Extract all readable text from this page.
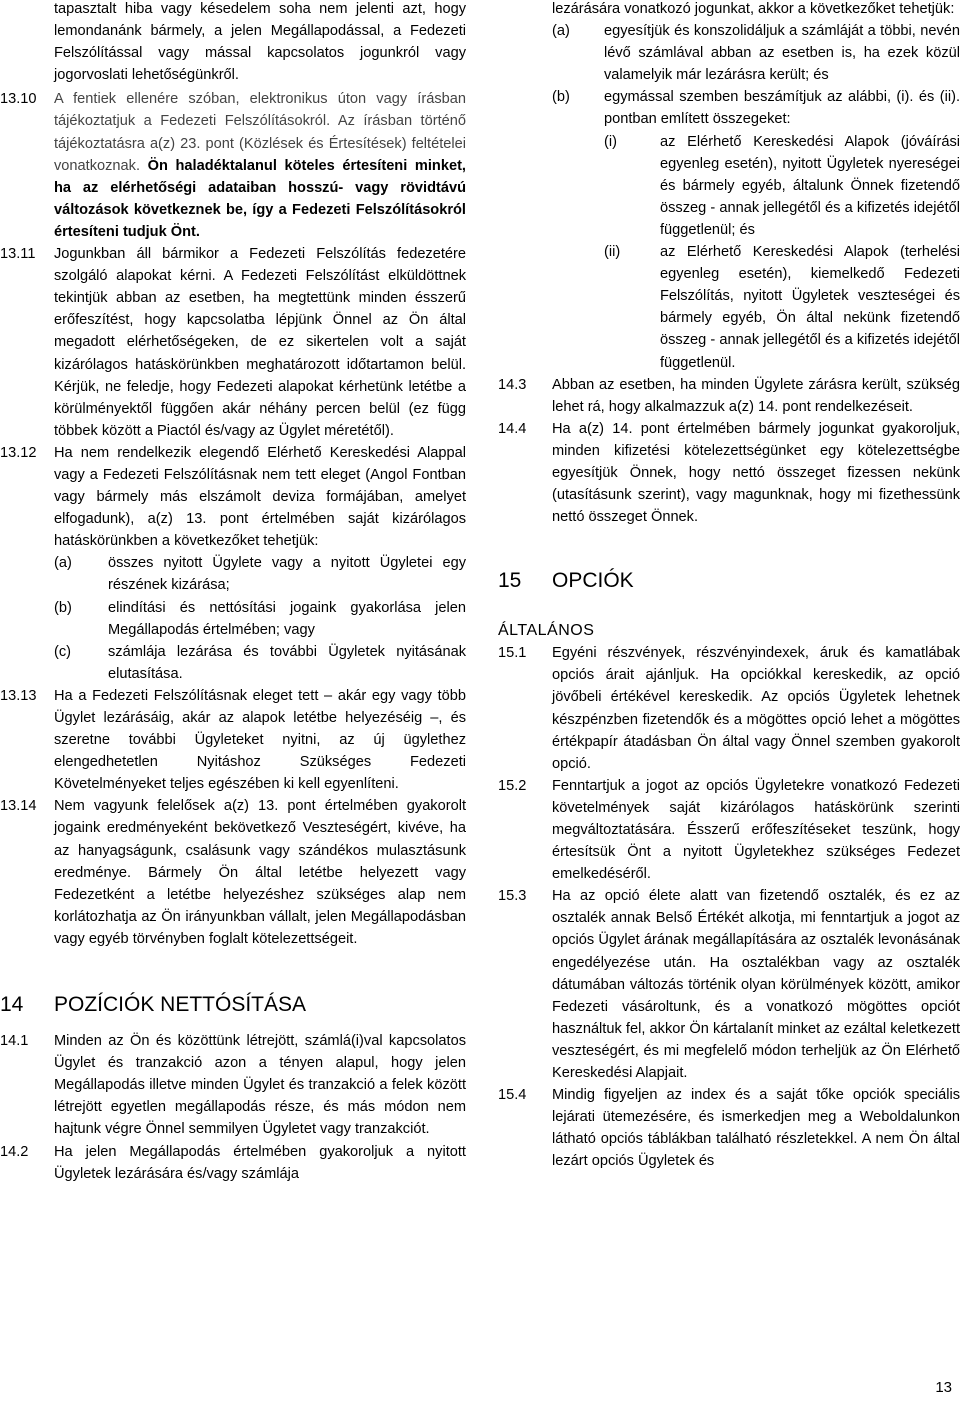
tapasztalt hiba vagy késedelem sohа nem jelenti azt, hogy lemondanánk bármely, a jelen Megállapodással, a Fedezeti Felszólítással vagy mással kapcsolatos jogunkról vagy jogorvoslati lehetőségünkről.
13.10 A fentiek ellenére szóban, elektronikus úton vagy írásban tájékoztatjuk a Fedezeti Felszólításokról. Az írásban történő tájékoztatásra a(z) 23. pont (Közlések és Értesítések) feltételei vonatkoznak. Ön haladéktalanul köteles értesíteni minket, ha az elérhetőségi adataiban hosszú- vagy rövidtávú változások következnek be, így a Fedezeti Felszólításokról értesíteni tudjuk Önt.
13.11 Jogunkban áll bármikor a Fedezeti Felszólítás fedezetére szolgáló alapokat kérni. A Fedezeti Felszólítást elküldöttnek tekintjük abban az esetben, ha megtettünk minden ésszerű erőfeszítést, hogy kapcsolatba lépjünk Önnel az Ön által megadott elérhetőségeken, de ez sikertelen volt a saját kizárólagos hatáskörünkben meghatározott időtartamon belül. Kérjük, ne feledje, hogy Fedezeti alapokat kérhetünk letétbe a körülményektől függően akár néhány percen belül (ez függ többek között a Piactól és/vagy az Ügylet méretétől).
13.12 Ha nem rendelkezik elegendő Elérhető Kereskedési Alappal vagy a Fedezeti Felszólításnak nem tett eleget (Angol Fontban vagy bármely más elszámolt deviza formájában, amelyet elfogadunk), a(z) 13. pont értelmében saját kizárólagos hatáskörünkben a következőket tehetjük:
(a) összes nyitott Ügylete vagy a nyitott Ügyletei egy részének kizárása;
(b) elindítási és nettósítási jogaink gyakorlása jelen Megállapodás értelmében; vagy
(c)	számlája lezárása és további Ügyletek nyitásának elutasítása.
13.13 Ha a Fedezeti Felszólításnak eleget tett – akár egy vagy több Ügylet lezárásáig, akár az alapok letétbe helyezéséig –, és szeretne további Ügyleteket nyitni, az új ügylethez elengedhetetlen Nyitáshoz Szükséges Fedezeti Követelményeket teljes egészében ki kell egyenlíteni.
13.14 Nem vagyunk felelősek a(z) 13. pont értelmében gyakorolt jogaink eredményeként bekövetkező Veszteségért, kivéve, ha az hanyagságunk, csalásunk vagy szándékos mulasztásunk eredménye. Bármely Ön által letétbe helyezett vagy Fedezetként a letétbe helyezéshez szükséges alap nem korlátozhatja az Ön irányunkban vállalt, jelen Megállapodásban vagy egyéb törvényben foglalt kötelezettségeit.
14 POZÍCIÓK NETTÓSÍTÁSA
14.1 Minden az Ön és közöttünk létrejött, számlá(i)val kapcsolatos Ügylet és tranzakció azon a tényen alapul, hogy jelen Megállapodás illetve minden Ügylet és tranzakció a felek között létrejött egyetlen megállapodás része, és más módon nem hajtunk végre Önnel semmilyen Ügyletet vagy tranzakciót.
14.2 Ha jelen Megállapodás értelmében gyakoroljuk a nyitott Ügyletek lezárására és/vagy számlája
lezárására vonatkozó jogunkat, akkor a következőket tehetjük:
(a) egyesítjük és konszolidáljuk a számláját a többi, nevén lévő számlával abban az esetben is, ha ezek közül valamelyik már lezárásra került; és
(b) egymással szemben beszámítjuk az alábbi, (i). és (ii). pontban említett összegeket:
(i)	az Elérhető Kereskedési Alapok (jóváírási egyenleg esetén), nyitott Ügyletek nyereségei és bármely egyéb, általunk Önnek fizetendő összeg - annak jellegétől és a kifizetés idejétől függetlenül; és
(ii)	az Elérhető Kereskedési Alapok (terhelési egyenleg esetén), kiemelkedő Fedezeti Felszólítás, nyitott Ügyletek veszteségei és bármely egyéb, Ön által nekünk fizetendő összeg - annak jellegétől és a kifizetés idejétől függetlenül.
14.3 Abban az esetben, ha minden Ügylete zárásra került, szükség lehet rá, hogy alkalmazzuk a(z) 14. pont rendelkezéseit.
14.4 Ha a(z) 14. pont értelmében bármely jogunkat gyakoroljuk, minden kifizetési kötelezettségünket egy kötelezettségbe egyesítjük Önnek, hogy nettó összeget fizessen nekünk (utasításunk szerint), vagy magunknak, hogy mi fizethessünk nettó összeget Önnek.
15 OPCIÓK
ÁLTALÁNOS
15.1 Egyéni részvények, részvényindexek, áruk és kamatlábak opciós árait ajánljuk. Ha opciókkal kereskedik, az opció jövőbeli értékével kereskedik. Az opciós Ügyletek lehetnek készpénzben fizetendők és a mögöttes opció lehet a mögöttes értékpapír átadásban Ön által vagy Önnel szemben gyakorolt opció.
15.2 Fenntartjuk a jogot az opciós Ügyletekre vonatkozó Fedezeti követelmények saját kizárólagos hatáskörünk szerinti megváltoztatására. Ésszerű erőfeszítéseket teszünk, hogy értesítsük Önt a nyitott Ügyletekhez szükséges Fedezet emelkedéséről.
15.3 Ha az opció élete alatt van fizetendő osztalék, és ez az osztalék annak Belső Értékét alkotja, mi fenntartjuk a jogot az opciós Ügylet árának megállapítására az osztalék levonásának engedélyezése után. Ha osztalékban vagy az osztalék dátumában változás történik olyan körülmények között, amikor Fedezeti vásároltunk, és a vonatkozó mögöttes opciót használtuk fel, akkor Ön kártalanít minket az ezáltal keletkezett veszteségért, és mi megfelelő módon terheljük az Ön Elérhető Kereskedési Alapjait.
15.4 Mindig figyeljen az index és a saját tőke opciók speciális lejárati ütemezésére, és ismerkedjen meg a Weboldalunkon látható opciós táblákban található részletekkel. A nem Ön által lezárt opciós Ügyletek és
13
